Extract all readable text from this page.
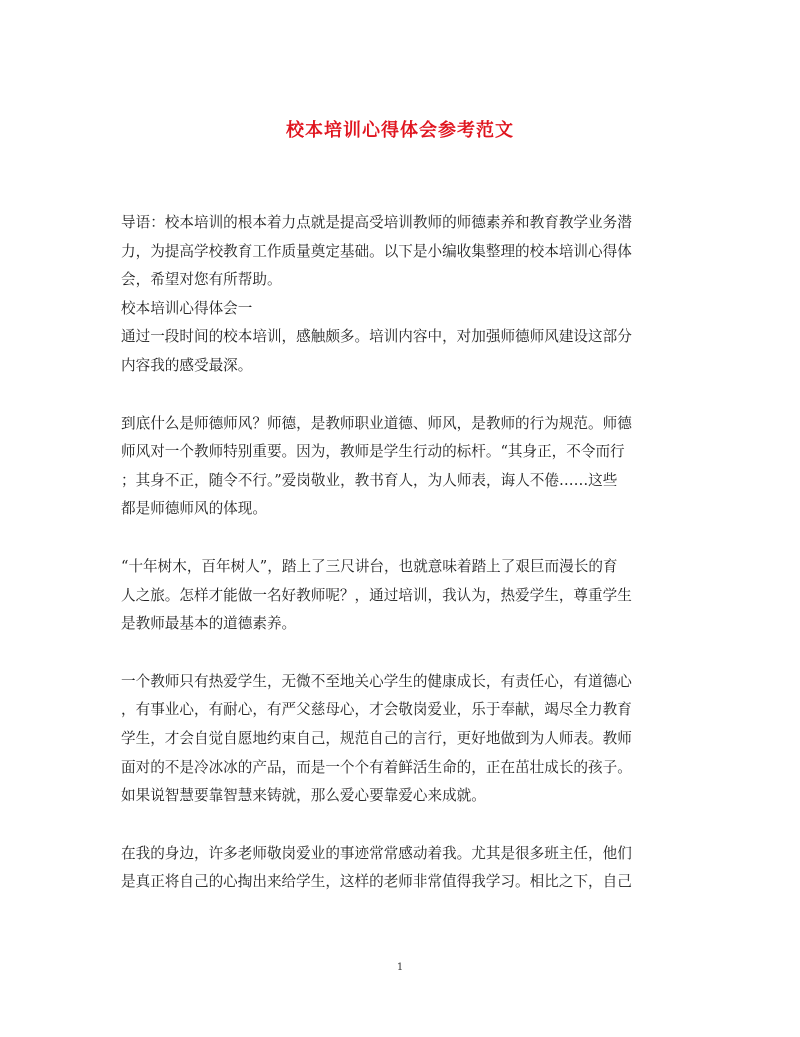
校本培训心得体会参考范文
导语：校本培训的根本着力点就是提高受培训教师的师德素养和教育教学业务潜
力，为提高学校教育工作质量奠定基础。以下是小编收集整理的校本培训心得体
会，希望对您有所帮助。
校本培训心得体会一
通过一段时间的校本培训，感触颇多。培训内容中，对加强师德师风建设这部分
内容我的感受最深。
到底什么是师德师风？师德，是教师职业道德、师风，是教师的行为规范。师德
师风对一个教师特别重要。因为，教师是学生行动的标杆。“其身正，不令而行
；其身不正，随令不行。”爱岗敬业，教书育人，为人师表，诲人不倦……这些
都是师德师风的体现。
“十年树木，百年树人”，踏上了三尺讲台，也就意味着踏上了艰巨而漫长的育
人之旅。怎样才能做一名好教师呢？，通过培训，我认为，热爱学生，尊重学生
是教师最基本的道德素养。
一个教师只有热爱学生，无微不至地关心学生的健康成长，有责任心，有道德心
，有事业心，有耐心，有严父慈母心，才会敬岗爱业，乐于奉献，竭尽全力教育
学生，才会自觉自愿地约束自己，规范自己的言行，更好地做到为人师表。教师
面对的不是冷冰冰的产品，而是一个个有着鲜活生命的，正在茁壮成长的孩子。
如果说智慧要靠智慧来铸就，那么爱心要靠爱心来成就。
在我的身边，许多老师敬岗爱业的事迹常常感动着我。尤其是很多班主任，他们
是真正将自己的心掏出来给学生，这样的老师非常值得我学习。相比之下，自己
1
